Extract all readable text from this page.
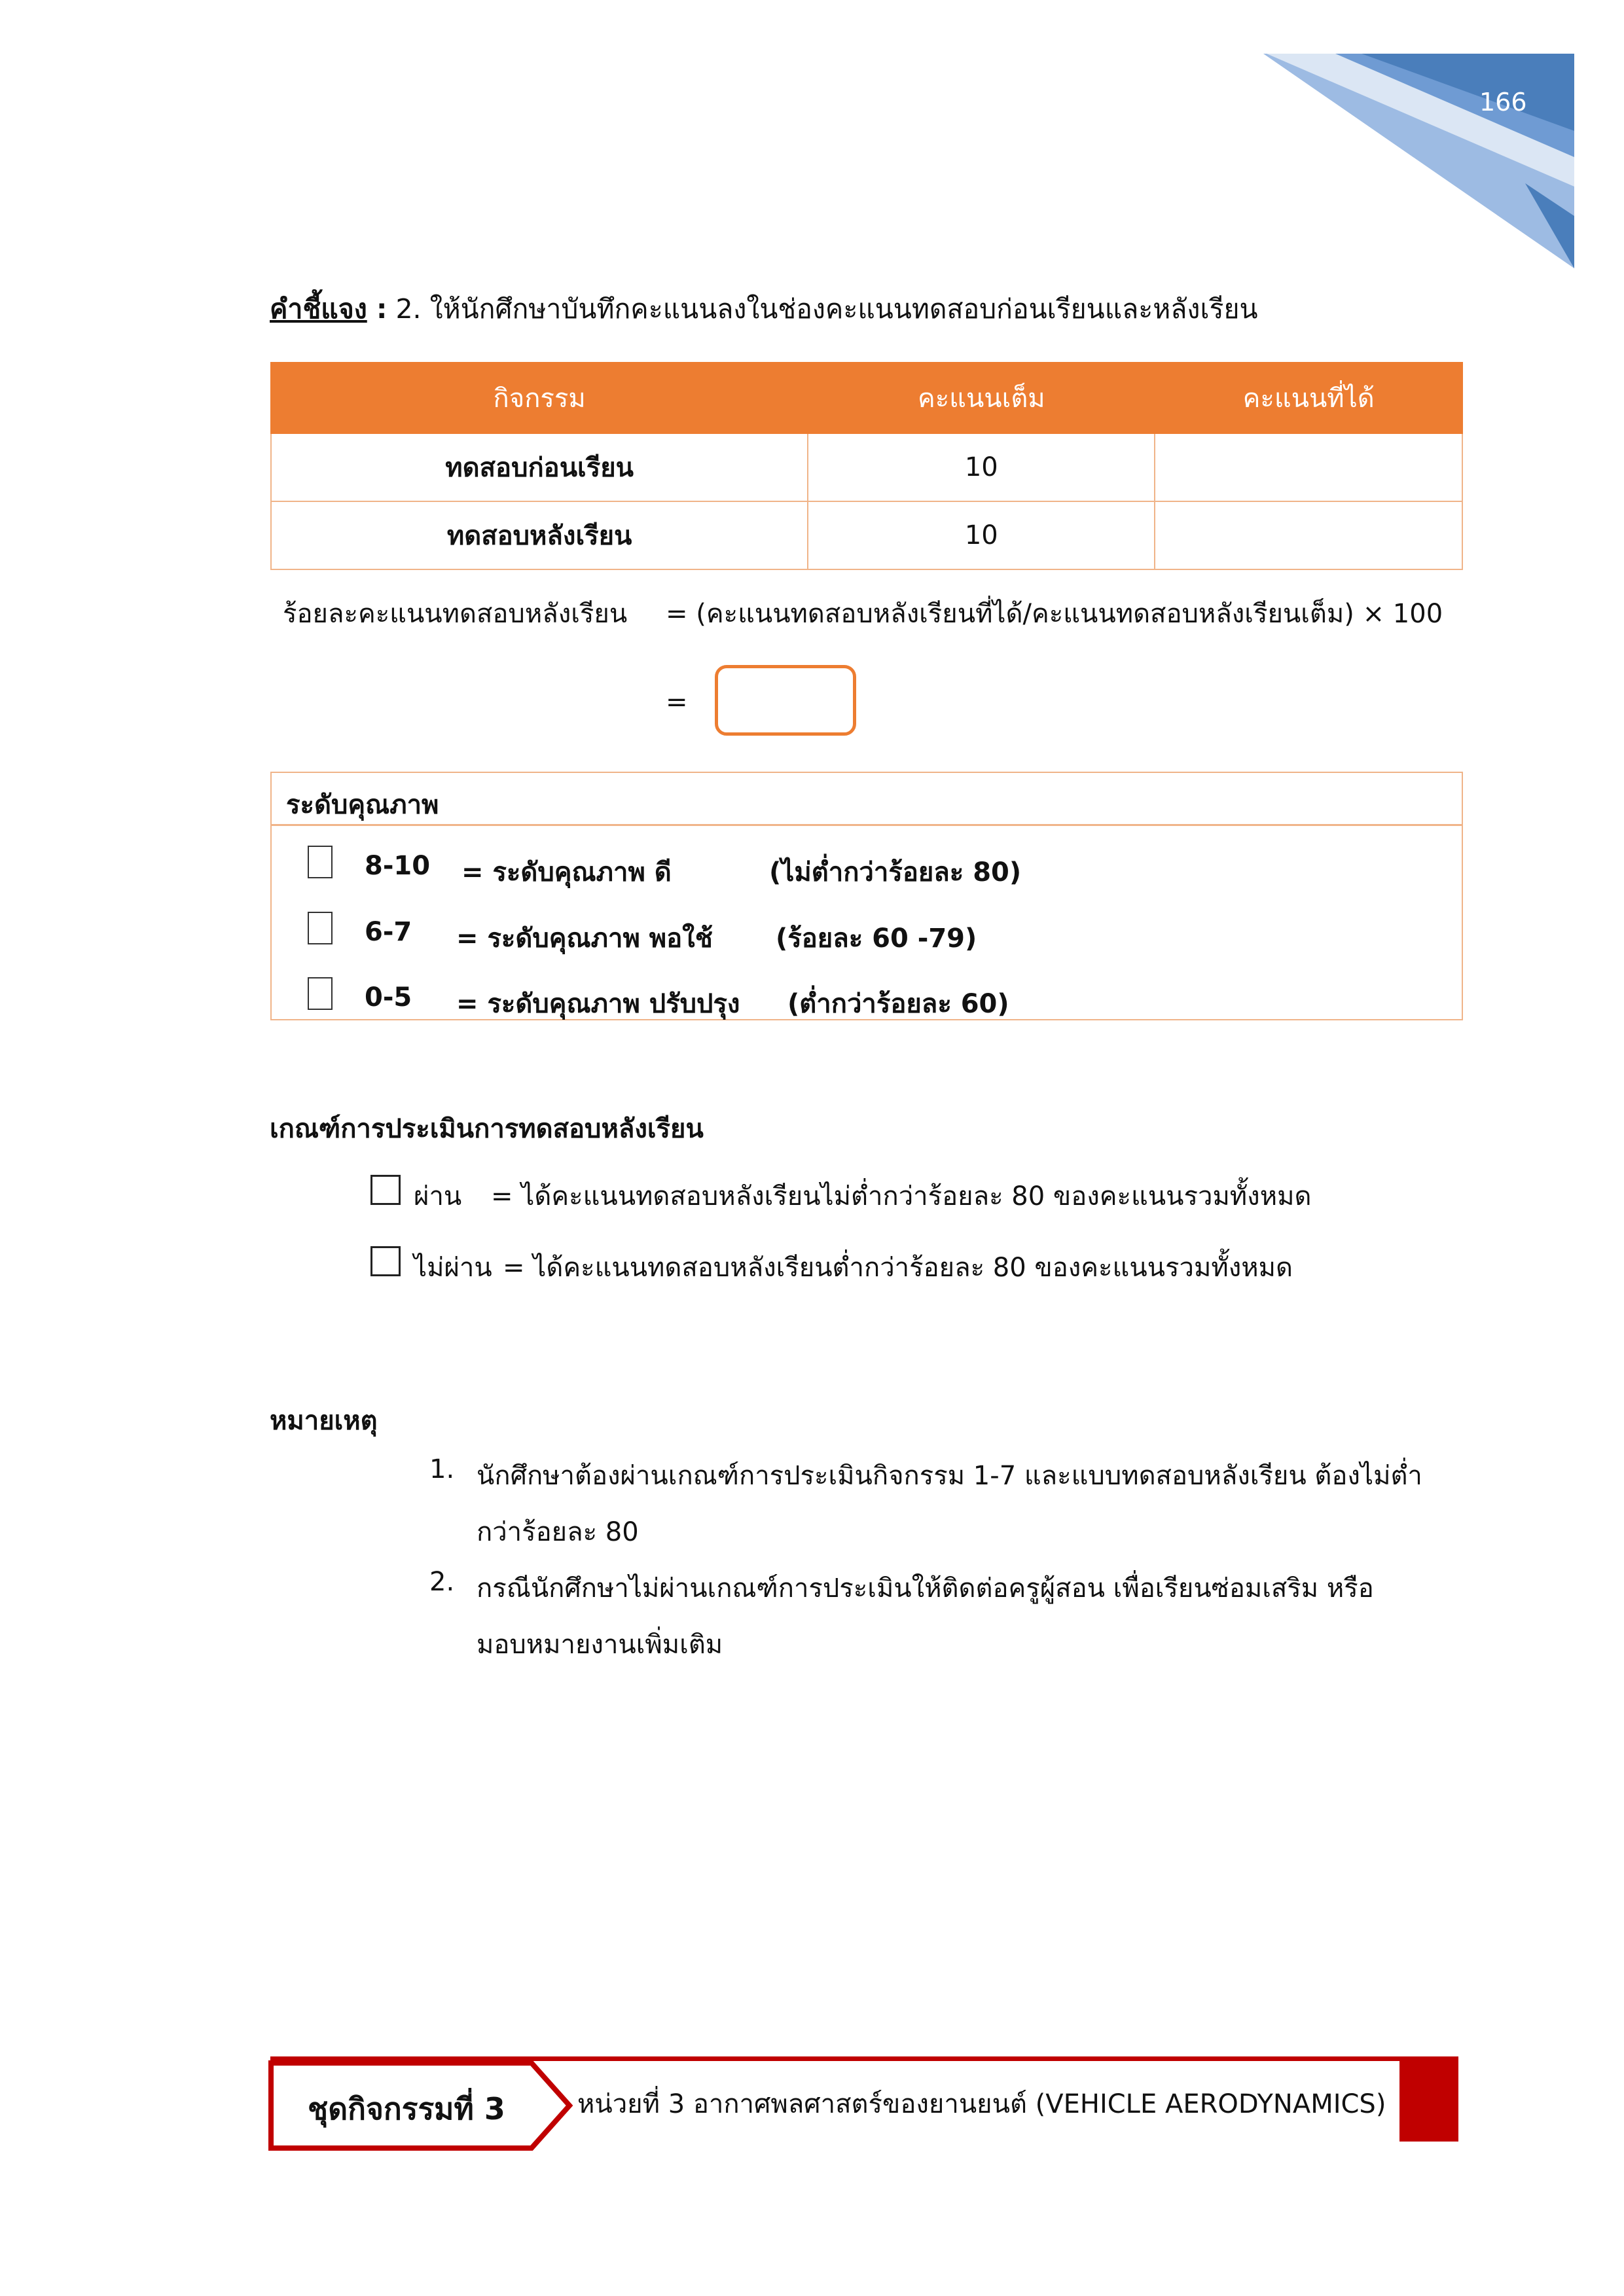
166
คำชี้แจง : 2. ให้นักศึกษาบันทึกคะแนนลงในช่องคะแนนทดสอบก่อนเรียนและหลังเรียน
กิจกรรม	คะแนนเต็ม	คะแนนที่ได้
ทดสอบก่อนเรียน	10	
ทดสอบหลังเรียน	10	
ร้อยละคะแนนทดสอบหลังเรียน = (คะแนนทดสอบหลังเรียนที่ได้/คะแนนทดสอบหลังเรียนเต็ม) × 100
=
ระดับคุณภาพ
8-10 = ระดับคุณภาพ ดี	(ไม่ต่ำกว่าร้อยละ 80)
6-7 = ระดับคุณภาพ พอใช้ (ร้อยละ 60 -79)
0-5 = ระดับคุณภาพ ปรับปรุง (ต่ำกว่าร้อยละ 60)
เกณฑ์การประเมินการทดสอบหลังเรียน
ผ่าน = ได้คะแนนทดสอบหลังเรียนไม่ต่ำกว่าร้อยละ 80 ของคะแนนรวมทั้งหมด
ไม่ผ่าน = ได้คะแนนทดสอบหลังเรียนต่ำกว่าร้อยละ 80 ของคะแนนรวมทั้งหมด
หมายเหตุ
1. นักศึกษาต้องผ่านเกณฑ์การประเมินกิจกรรม 1-7 และแบบทดสอบหลังเรียน ต้องไม่ต่ำ
กว่าร้อยละ 80
2. กรณีนักศึกษาไม่ผ่านเกณฑ์การประเมินให้ติดต่อครูผู้สอน เพื่อเรียนซ่อมเสริม หรือ
มอบหมายงานเพิ่มเติม
ชุดกิจกรรมที่ 3	หน่วยที่ 3 อากาศพลศาสตร์ของยานยนต์ (VEHICLE AERODYNAMICS)
